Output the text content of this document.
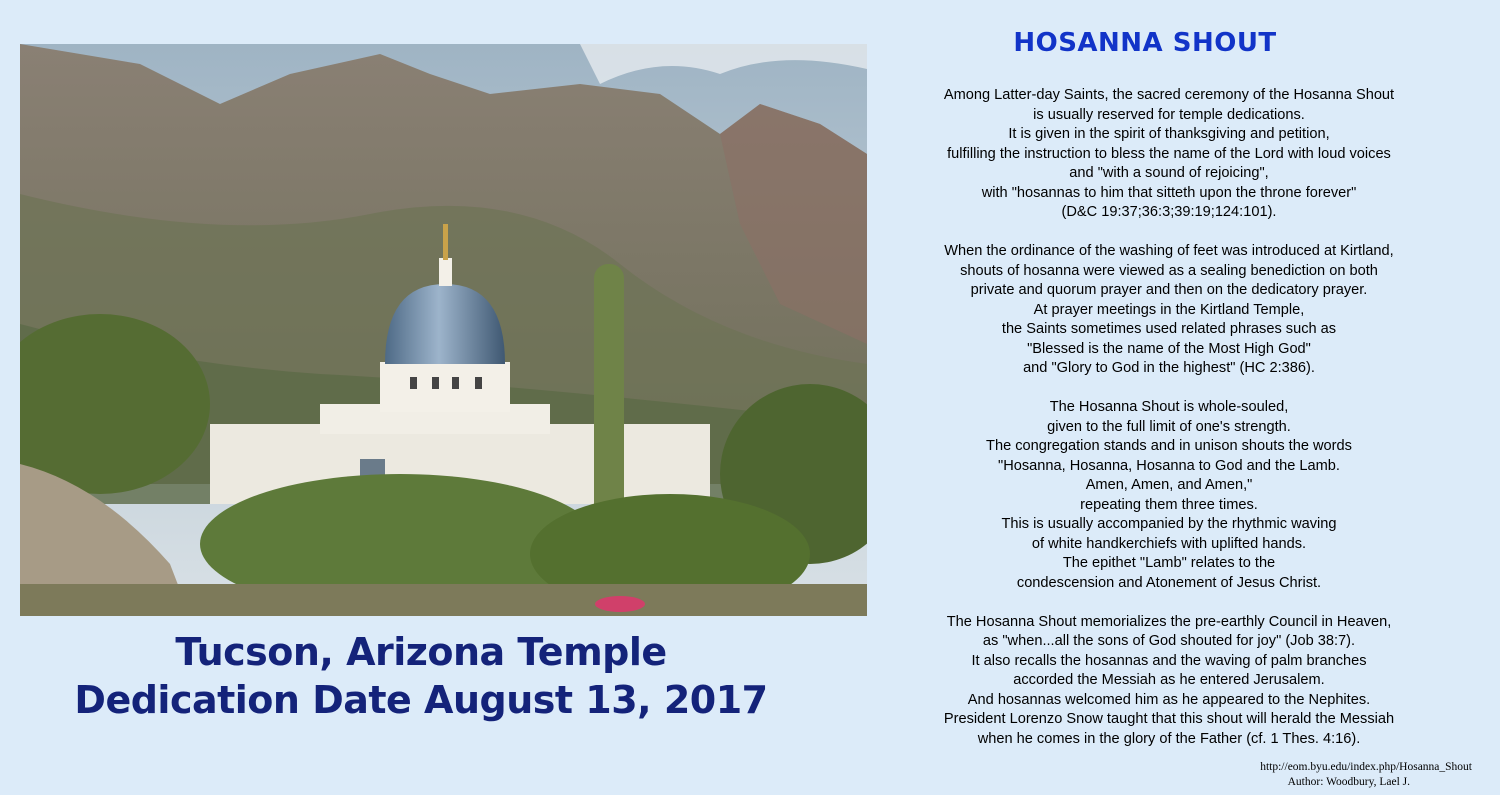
Tucson, Arizona Temple
Dedication Date August 13, 2017
HOSANNA SHOUT
Among Latter-day Saints, the sacred ceremony of the Hosanna Shout
is usually reserved for temple dedications.
It is given in the spirit of thanksgiving and petition,
fulfilling the instruction to bless the name of the Lord with loud voices
and "with a sound of rejoicing",
with "hosannas to him that sitteth upon the throne forever"
(D&C 19:37;36:3;39:19;124:101).
When the ordinance of the washing of feet was introduced at Kirtland,
shouts of hosanna were viewed as a sealing benediction on both
private and quorum prayer and then on the dedicatory prayer.
At prayer meetings in the Kirtland Temple,
the Saints sometimes used related phrases such as
"Blessed is the name of the Most High God"
and "Glory to God in the highest" (HC 2:386).
The Hosanna Shout is whole-souled,
given to the full limit of one's strength.
The congregation stands and in unison shouts the words
"Hosanna, Hosanna, Hosanna to God and the Lamb.
Amen, Amen, and Amen,"
repeating them three times.
This is usually accompanied by the rhythmic waving
of white handkerchiefs with uplifted hands.
The epithet "Lamb" relates to the
condescension and Atonement of Jesus Christ.
The Hosanna Shout memorializes the pre-earthly Council in Heaven,
as "when...all the sons of God shouted for joy" (Job 38:7).
It also recalls the hosannas and the waving of palm branches
accorded the Messiah as he entered Jerusalem.
And hosannas welcomed him as he appeared to the Nephites.
President Lorenzo Snow taught that this shout will herald the Messiah
when he comes in the glory of the Father (cf. 1 Thes. 4:16).
http://eom.byu.edu/index.php/Hosanna_Shout
Author: Woodbury, Lael J.
